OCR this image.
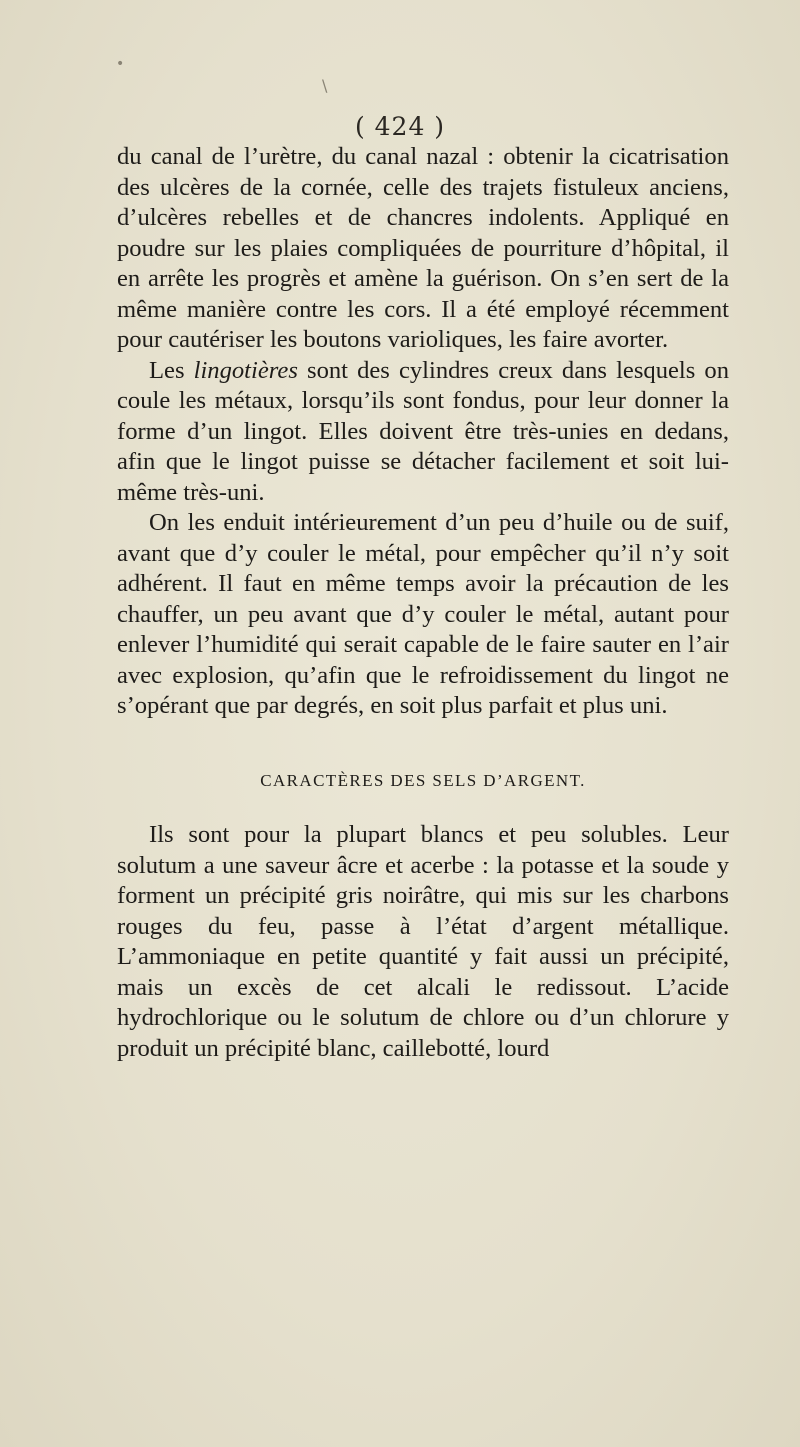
•
\
( 424 )

du canal de l’urètre, du canal nazal : obtenir la cicatrisation des ulcères de la cornée, celle des trajets fistuleux anciens, d’ulcères rebelles et de chancres indolents. Appliqué en poudre sur les plaies compliquées de pourriture d’hôpital, il en arrête les progrès et amène la guérison. On s’en sert de la même manière contre les cors. Il a été employé récemment pour cautériser les boutons varioliques, les faire avorter.

Les lingotières sont des cylindres creux dans lesquels on coule les métaux, lorsqu’ils sont fondus, pour leur donner la forme d’un lingot. Elles doivent être très-unies en dedans, afin que le lingot puisse se détacher facilement et soit lui-même très-uni.

On les enduit intérieurement d’un peu d’huile ou de suif, avant que d’y couler le métal, pour empêcher qu’il n’y soit adhérent. Il faut en même temps avoir la précaution de les chauffer, un peu avant que d’y couler le métal, autant pour enlever l’humidité qui serait capable de le faire sauter en l’air avec explosion, qu’afin que le refroidissement du lingot ne s’opérant que par degrés, en soit plus parfait et plus uni.

CARACTÈRES DES SELS D’ARGENT.

Ils sont pour la plupart blancs et peu solubles. Leur solutum a une saveur âcre et acerbe : la potasse et la soude y forment un précipité gris noirâtre, qui mis sur les charbons rouges du feu, passe à l’état d’argent métallique. L’ammoniaque en petite quantité y fait aussi un précipité, mais un excès de cet alcali le redissout. L’acide hydrochlorique ou le solutum de chlore ou d’un chlorure y produit un précipité blanc, caillebotté, lourd
